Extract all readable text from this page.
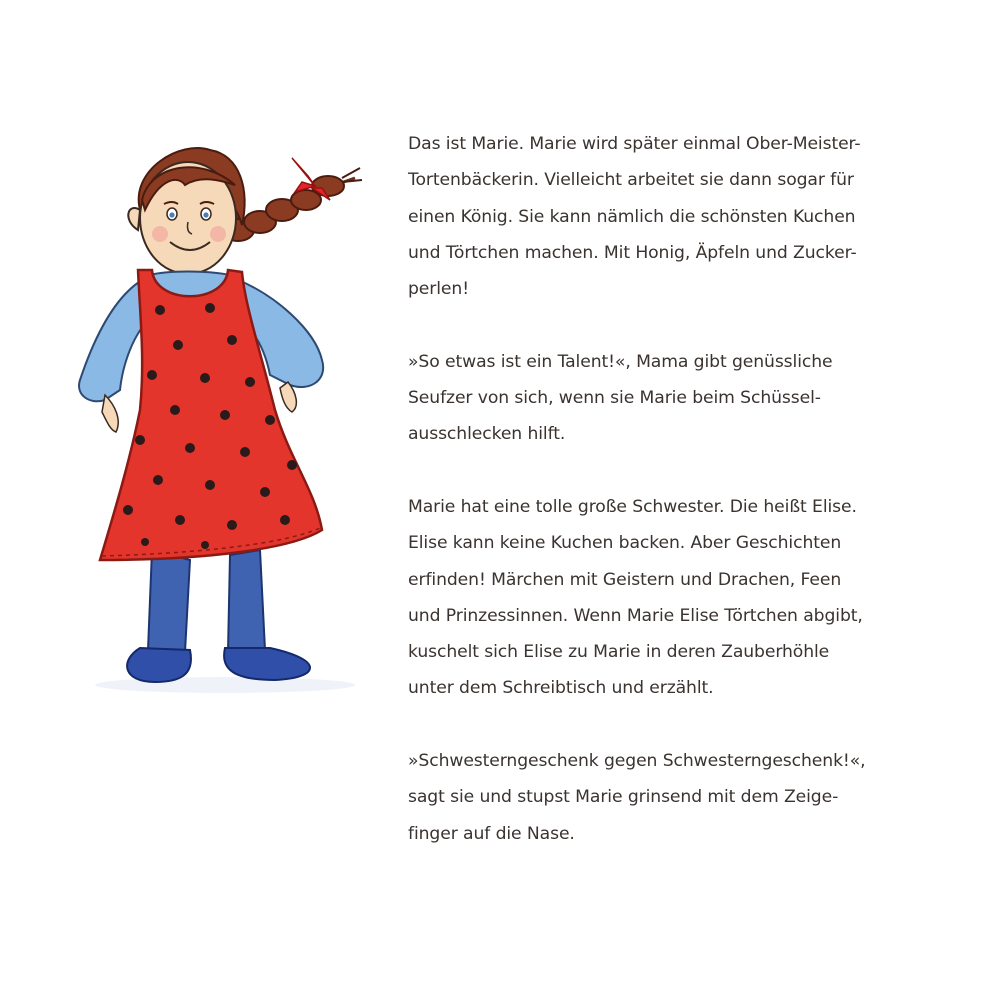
Das ist Marie. Marie wird später einmal Ober-Meister-
Tortenbäckerin. Vielleicht arbeitet sie dann sogar für
einen König. Sie kann nämlich die schönsten Kuchen
und Törtchen machen. Mit Honig, Äpfeln und Zucker-
perlen!

»So etwas ist ein Talent!«, Mama gibt genüssliche
Seufzer von sich, wenn sie Marie beim Schüssel-
ausschlecken hilft.

Marie hat eine tolle große Schwester. Die heißt Elise.
Elise kann keine Kuchen backen. Aber Geschichten
erfinden! Märchen mit Geistern und Drachen, Feen
und Prinzessinnen. Wenn Marie Elise Törtchen abgibt,
kuschelt sich Elise zu Marie in deren Zauberhöhle
unter dem Schreibtisch und erzählt.

»Schwesterngeschenk gegen Schwesterngeschenk!«,
sagt sie und stupst Marie grinsend mit dem Zeige-
finger auf die Nase.
